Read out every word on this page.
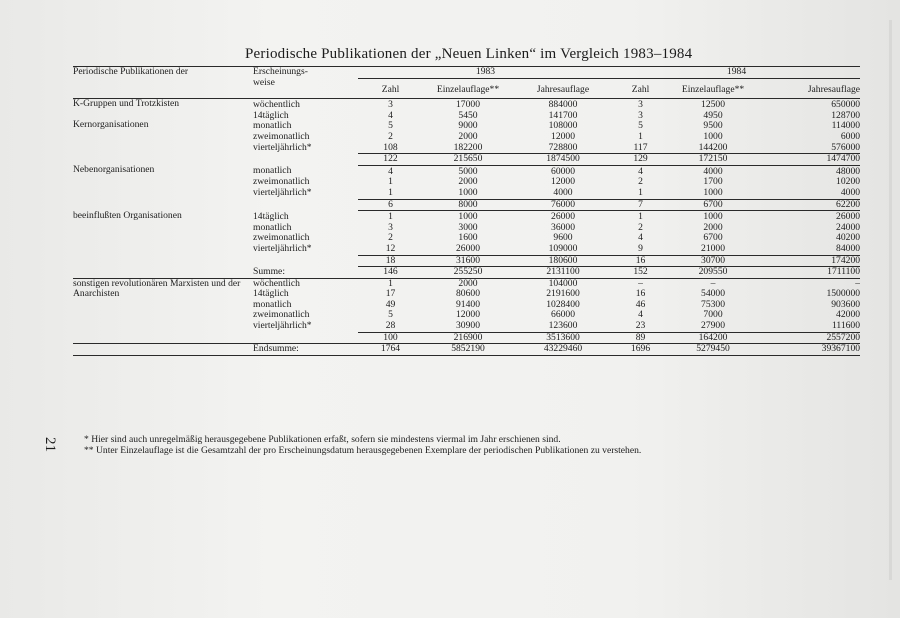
Periodische Publikationen der „Neuen Linken“ im Vergleich 1983–1984
Periodische Publikationen der	Erscheinungs- weise	1983			1984		
		Zahl	Einzelauflage**	Jahresauflage	Zahl	Einzelauflage**	Jahresauflage

K-Gruppen und Trotzkisten

Kernorganisationen	wöchentlich	3	17000	884000	3	12500	650000
	14täglich	4	5450	141700	3	4950	128700
	monatlich	5	9000	108000	5	9500	114000
	zweimonatlich	2	2000	12000	1	1000	6000
	vierteljährlich*	108	182200	728800	117	144200	576000
		122	215650	1874500	129	172150	1474700

Nebenorganisationen	monatlich	4	5000	60000	4	4000	48000
	zweimonatlich	1	2000	12000	2	1700	10200
	vierteljährlich*	1	1000	4000	1	1000	4000
		6	8000	76000	7	6700	62200

beeinflußten Organisationen	14täglich	1	1000	26000	1	1000	26000
	monatlich	3	3000	36000	2	2000	24000
	zweimonatlich	2	1600	9600	4	6700	40200
	vierteljährlich*	12	26000	109000	9	21000	84000
		18	31600	180600	16	30700	174200
	Summe:	146	255250	2131100	152	209550	1711100

sonstigen revolutionären Marxisten und der Anarchisten	wöchentlich	1	2000	104000	–	–	–
	14täglich	17	80600	2191600	16	54000	1500000
	monatlich	49	91400	1028400	46	75300	903600
	zweimonatlich	5	12000	66000	4	7000	42000
	vierteljährlich*	28	30900	123600	23	27900	111600
		100	216900	3513600	89	164200	2557200
	Endsumme:	1764	5852190	43229460	1696	5279450	39367100
21	* Hier sind auch unregelmäßig herausgegebene Publikationen erfaßt, sofern sie mindestens viermal im Jahr erschienen sind.
** Unter Einzelauflage ist die Gesamtzahl der pro Erscheinungsdatum herausgegebenen Exemplare der periodischen Publikationen zu verstehen.
